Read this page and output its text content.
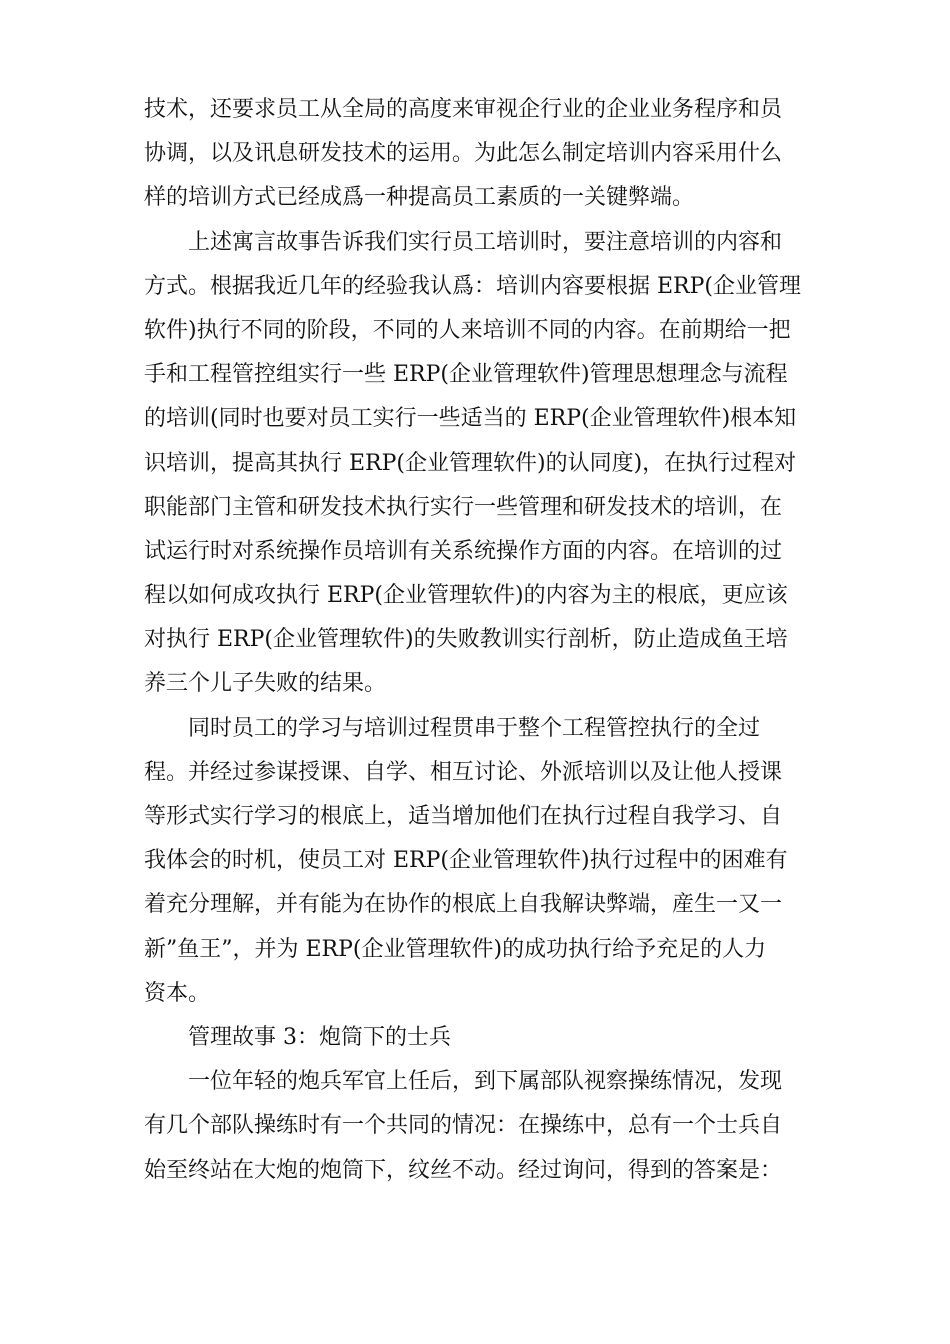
技术，还要求员工从全局的高度来审视企行业的企业业务程序和员
协调，以及讯息研发技术的运用。为此怎么制定培训内容采用什么
样的培训方式已经成爲一种提高员工素质的一关键弊端。
上述寓言故事告诉我们实行员工培训时，要注意培训的内容和
方式。根据我近几年的经验我认爲：培训内容要根据 ERP(企业管理
软件)执行不同的阶段，不同的人来培训不同的内容。在前期给一把
手和工程管控组实行一些 ERP(企业管理软件)管理思想理念与流程
的培训(同时也要对员工实行一些适当的 ERP(企业管理软件)根本知
识培训，提高其执行 ERP(企业管理软件)的认同度)，在执行过程对
职能部门主管和研发技术执行实行一些管理和研发技术的培训，在
试运行时对系统操作员培训有关系统操作方面的内容。在培训的过
程以如何成攻执行 ERP(企业管理软件)的内容为主的根底，更应该
对执行 ERP(企业管理软件)的失败教训实行剖析，防止造成鱼王培
养三个儿子失败的结果。
同时员工的学习与培训过程贯串于整个工程管控执行的全过
程。并经过参谋授课、自学、相互讨论、外派培训以及让他人授课
等形式实行学习的根底上，适当增加他们在执行过程自我学习、自
我体会的时机，使员工对 ERP(企业管理软件)执行过程中的困难有
着充分理解，并有能为在协作的根底上自我解诀弊端，産生一又一
新”鱼王”，并为 ERP(企业管理软件)的成功执行给予充足的人力
资本。
管理故事 3：炮筒下的士兵
一位年轻的炮兵军官上任后，到下属部队视察操练情况，发现
有几个部队操练时有一个共同的情况：在操练中，总有一个士兵自
始至终站在大炮的炮筒下，纹丝不动。经过询问，得到的答案是：
